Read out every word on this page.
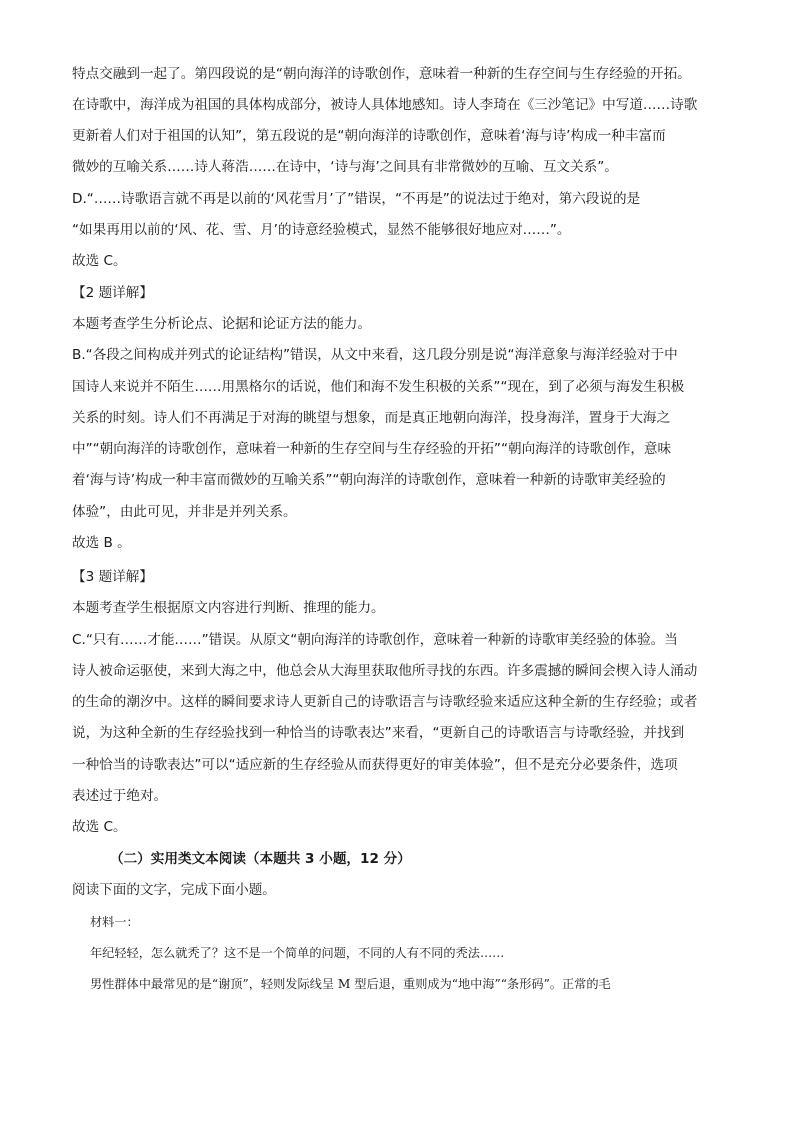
特点交融到一起了。第四段说的是“朝向海洋的诗歌创作，意味着一种新的生存空间与生存经验的开拓。
在诗歌中，海洋成为祖国的具体构成部分，被诗人具体地感知。诗人李琦在《三沙笔记》中写道……诗歌
更新着人们对于祖国的认知”，第五段说的是“朝向海洋的诗歌创作，意味着‘海与诗’构成一种丰富而
微妙的互喻关系……诗人蒋浩……在诗中，‘诗与海’之间具有非常微妙的互喻、互文关系”。
D.“……诗歌语言就不再是以前的‘风花雪月’了”错误，“不再是”的说法过于绝对，第六段说的是
“如果再用以前的‘风、花、雪、月’的诗意经验模式，显然不能够很好地应对……”。
故选 C。
【2 题详解】
本题考查学生分析论点、论据和论证方法的能力。
B.“各段之间构成并列式的论证结构”错误，从文中来看，这几段分别是说“海洋意象与海洋经验对于中
国诗人来说并不陌生……用黑格尔的话说，他们和海不发生积极的关系”“现在，到了必须与海发生积极
关系的时刻。诗人们不再满足于对海的眺望与想象，而是真正地朝向海洋，投身海洋，置身于大海之
中”“朝向海洋的诗歌创作，意味着一种新的生存空间与生存经验的开拓”“朝向海洋的诗歌创作，意味
着‘海与诗’构成一种丰富而微妙的互喻关系”“朝向海洋的诗歌创作，意味着一种新的诗歌审美经验的
体验”，由此可见，并非是并列关系。
故选 B 。
【3 题详解】
本题考查学生根据原文内容进行判断、推理的能力。
C.“只有……才能……”错误。从原文“朝向海洋的诗歌创作，意味着一种新的诗歌审美经验的体验。当
诗人被命运驱使，来到大海之中，他总会从大海里获取他所寻找的东西。许多震撼的瞬间会楔入诗人涌动
的生命的潮汐中。这样的瞬间要求诗人更新自己的诗歌语言与诗歌经验来适应这种全新的生存经验；或者
说，为这种全新的生存经验找到一种恰当的诗歌表达”来看，“更新自己的诗歌语言与诗歌经验，并找到
一种恰当的诗歌表达”可以“适应新的生存经验从而获得更好的审美体验”，但不是充分必要条件，选项
表述过于绝对。
故选 C。
（二）实用类文本阅读（本题共 3 小题，12 分）
阅读下面的文字，完成下面小题。
材料一：
年纪轻轻，怎么就秃了？这不是一个简单的问题，不同的人有不同的秃法……
男性群体中最常见的是“谢顶”，轻则发际线呈 M 型后退，重则成为“地中海”“条形码”。正常的毛
